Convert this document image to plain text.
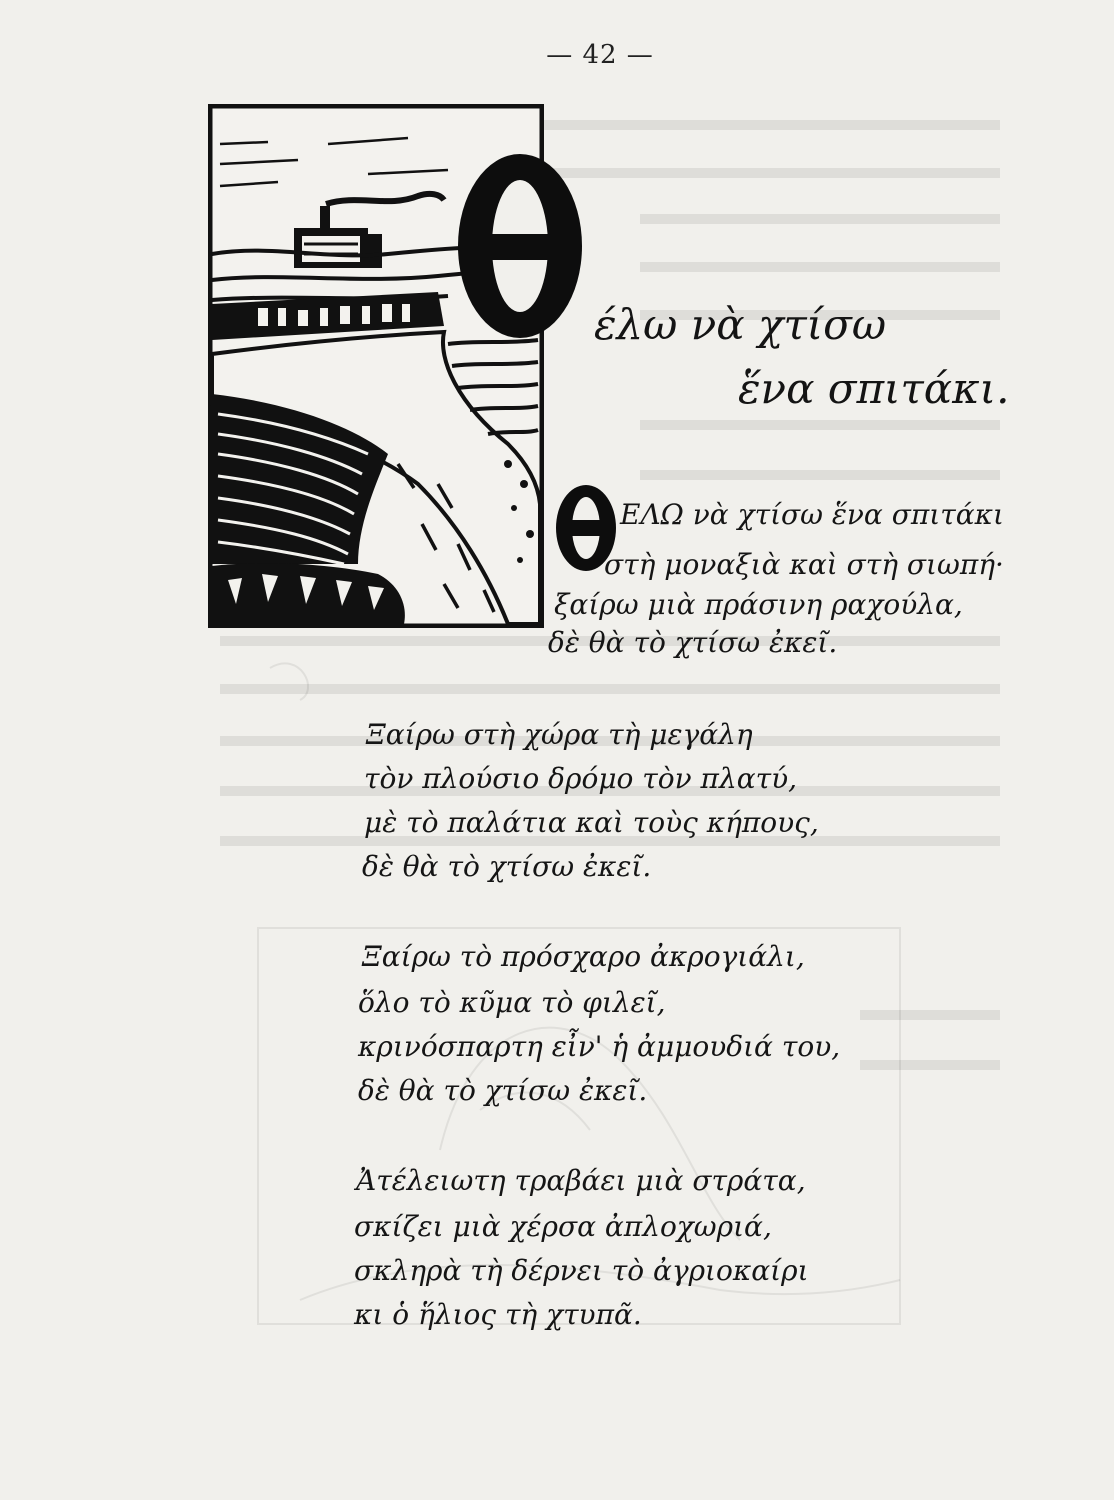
— 42 —
έλω νὰ χτίσω
ἕνα σπιτάκι.
ΕΛΩ νὰ χτίσω ἕνα σπιτάκι
στὴ μοναξιὰ καὶ στὴ σιωπή·
ξαίρω μιὰ πράσινη ραχούλα,
δὲ θὰ τὸ χτίσω ἐκεῖ.
Ξαίρω στὴ χώρα τὴ μεγάλη
τὸν πλούσιο δρόμο τὸν πλατύ,
μὲ τὸ παλάτια καὶ τοὺς κήπους,
δὲ θὰ τὸ χτίσω ἐκεῖ.
Ξαίρω τὸ πρόσχαρο ἀκρογιάλι,
ὅλο τὸ κῦμα τὸ φιλεῖ,
κρινόσπαρτη εἶν' ἡ ἀμμουδιά του,
δὲ θὰ τὸ χτίσω ἐκεῖ.
Ἀτέλειωτη τραβάει μιὰ στράτα,
σκίζει μιὰ χέρσα ἀπλοχωριά,
σκληρὰ τὴ δέρνει τὸ ἀγριοκαίρι
κι ὁ ἥλιος τὴ χτυπᾶ.
